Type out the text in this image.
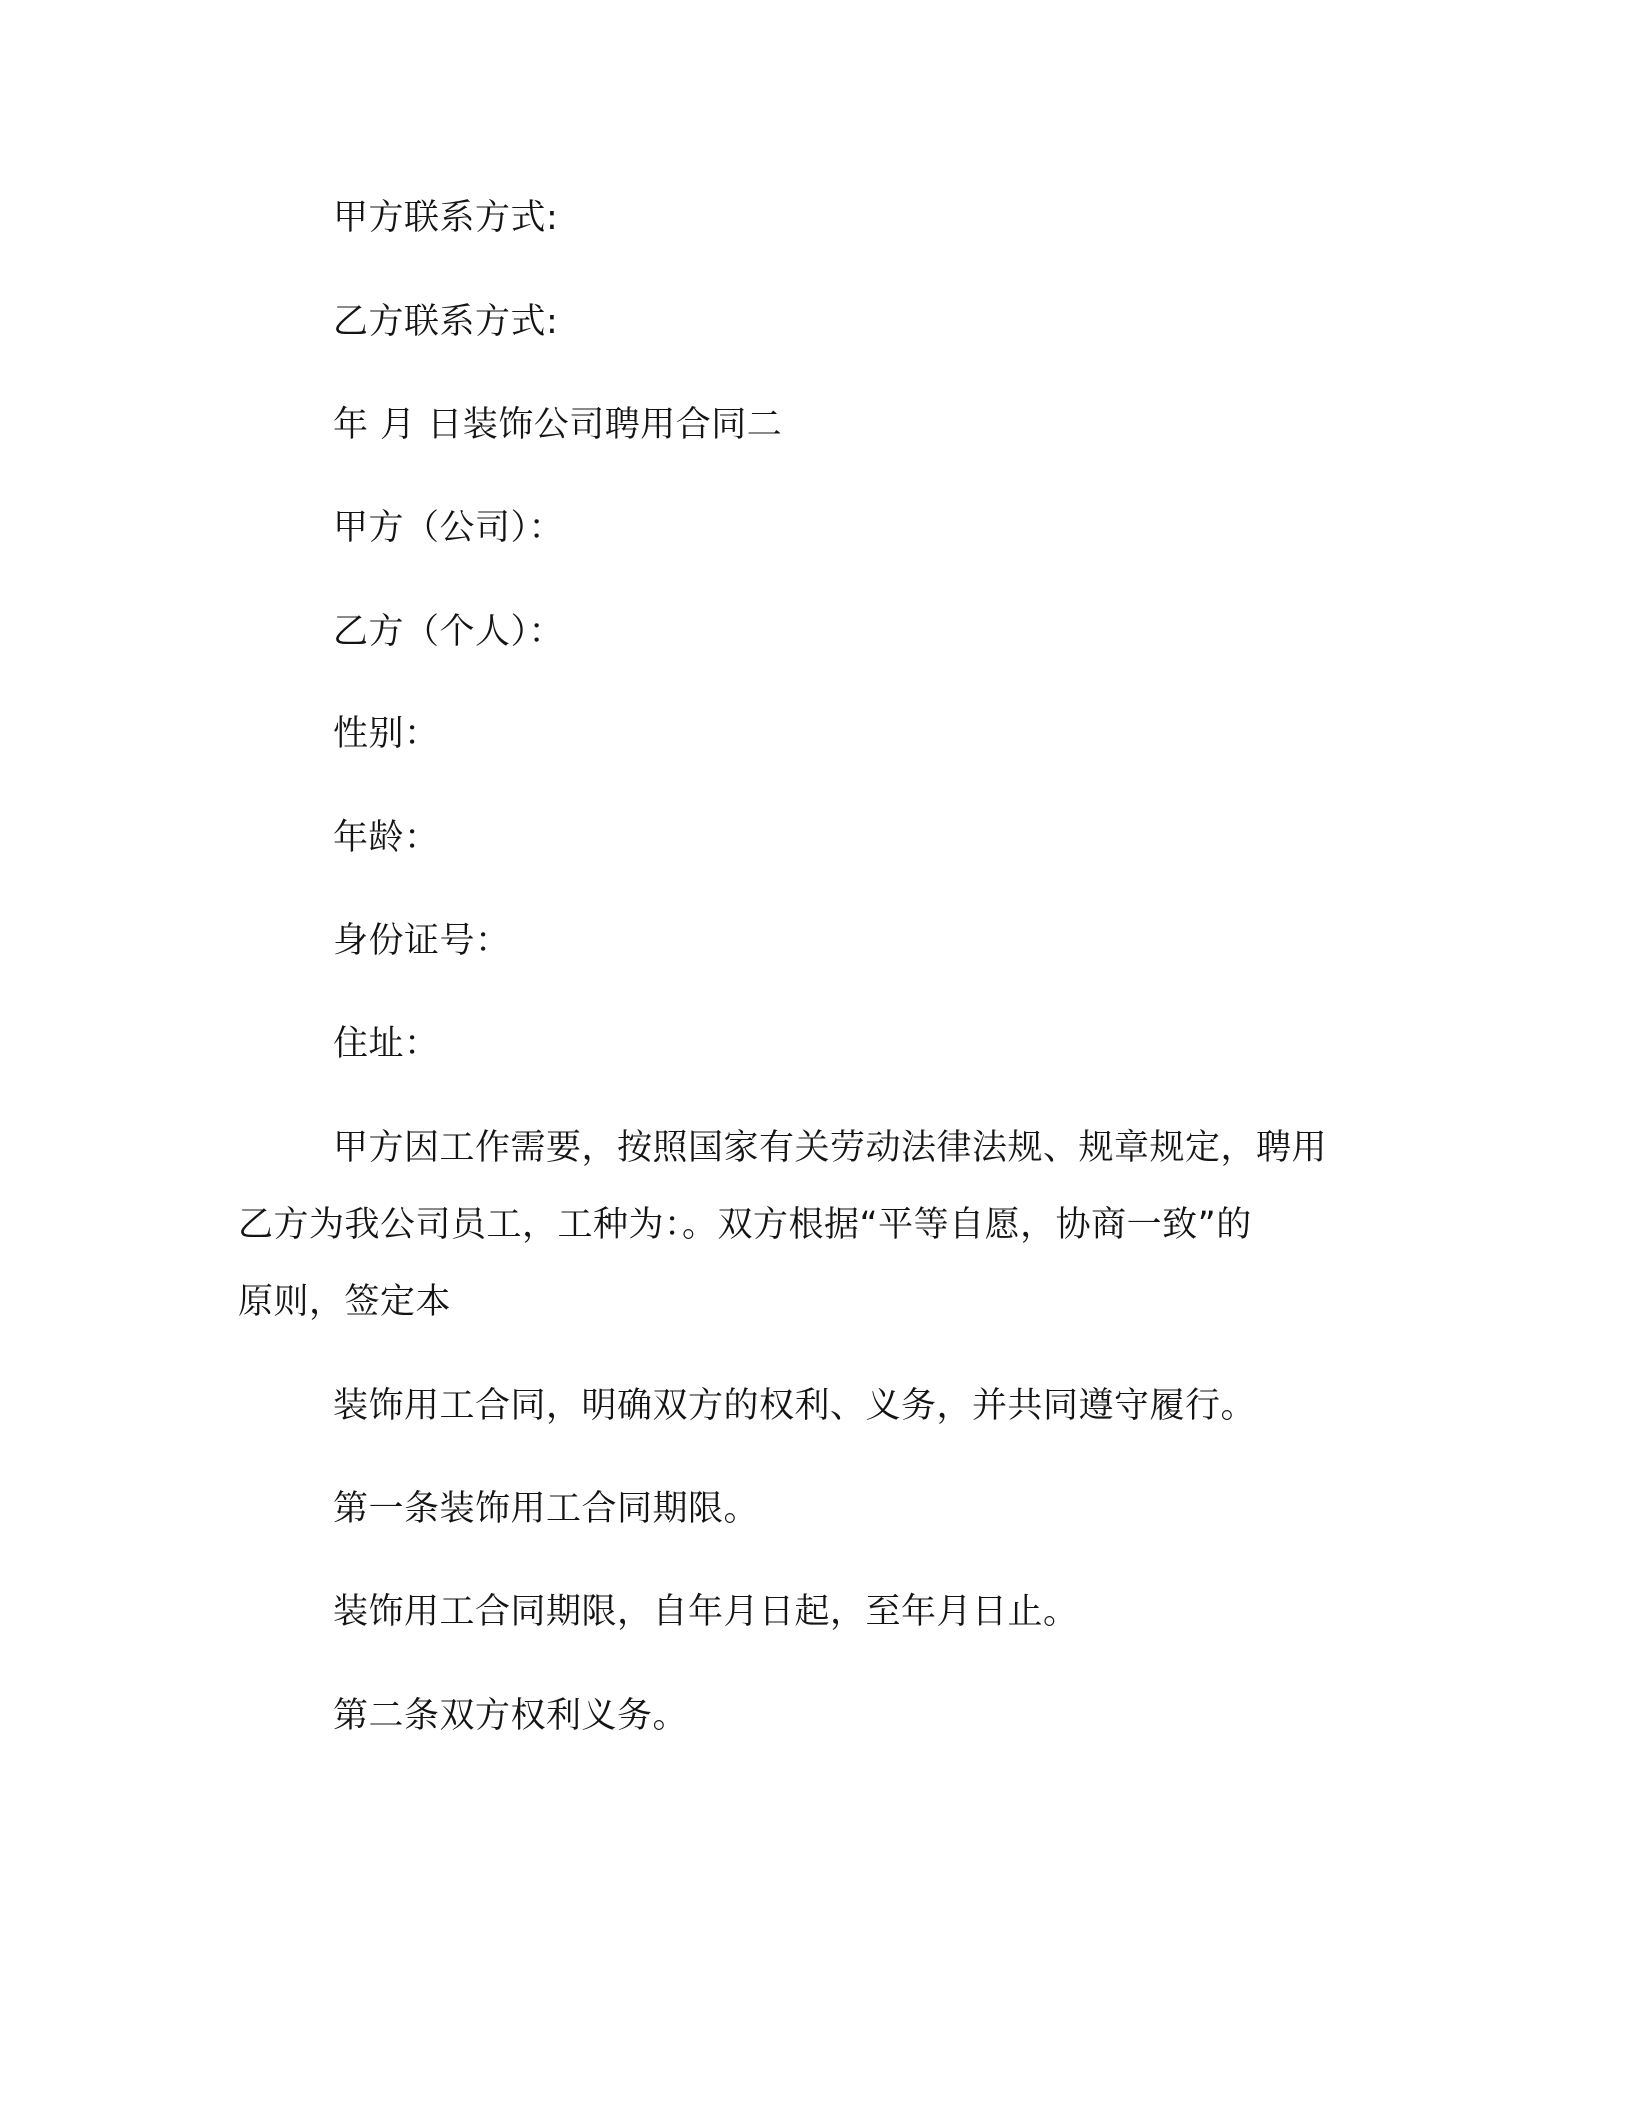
甲方联系方式:
乙方联系方式:
年 月 日装饰公司聘用合同二
甲方（公司）：
乙方（个人）：
性别：
年龄：
身份证号：
住址：
甲方因工作需要，按照国家有关劳动法律法规、规章规定，聘用
乙方为我公司员工，工种为：。双方根据“平等自愿，协商一致”的
原则，签定本
装饰用工合同，明确双方的权利、义务，并共同遵守履行。
第一条装饰用工合同期限。
装饰用工合同期限，自年月日起，至年月日止。
第二条双方权利义务。
